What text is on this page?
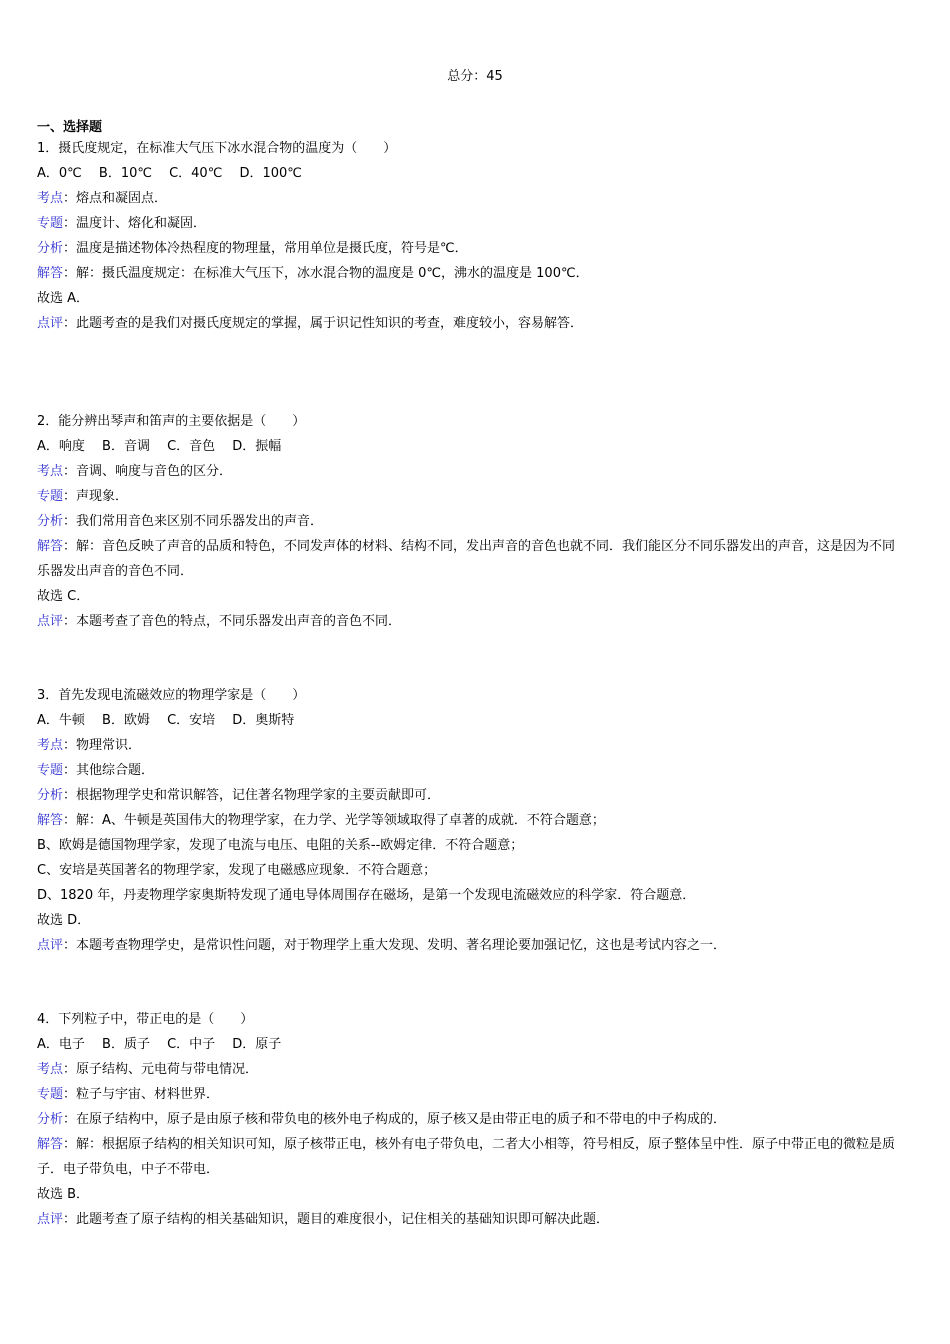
总分：45
一、选择题
1．摄氏度规定，在标准大气压下冰水混合物的温度为（　　）
A．0℃　 B．10℃　 C．40℃　 D．100℃
考点：熔点和凝固点．
专题：温度计、熔化和凝固．
分析：温度是描述物体冷热程度的物理量，常用单位是摄氏度，符号是℃．
解答：解：摄氏温度规定：在标准大气压下，冰水混合物的温度是 0℃，沸水的温度是 100℃．
故选 A．
点评：此题考查的是我们对摄氏度规定的掌握，属于识记性知识的考查，难度较小，容易解答．
2．能分辨出琴声和笛声的主要依据是（　　）
A．响度　 B．音调　 C．音色　 D．振幅
考点：音调、响度与音色的区分．
专题：声现象．
分析：我们常用音色来区别不同乐器发出的声音．
解答：解：音色反映了声音的品质和特色，不同发声体的材料、结构不同，发出声音的音色也就不同．我们能区分不同乐器发出的声音，这是因为不同乐器发出声音的音色不同．
故选 C．
点评：本题考查了音色的特点，不同乐器发出声音的音色不同．
3．首先发现电流磁效应的物理学家是（　　）
A．牛顿　 B．欧姆　 C．安培　 D．奥斯特
考点：物理常识．
专题：其他综合题．
分析：根据物理学史和常识解答，记住著名物理学家的主要贡献即可．
解答：解：A、牛顿是英国伟大的物理学家，在力学、光学等领域取得了卓著的成就．不符合题意；
B、欧姆是德国物理学家，发现了电流与电压、电阻的关系--欧姆定律．不符合题意；
C、安培是英国著名的物理学家，发现了电磁感应现象．不符合题意；
D、1820 年，丹麦物理学家奥斯特发现了通电导体周围存在磁场，是第一个发现电流磁效应的科学家．符合题意．
故选 D．
点评：本题考查物理学史，是常识性问题，对于物理学上重大发现、发明、著名理论要加强记忆，这也是考试内容之一．
4．下列粒子中，带正电的是（　　）
A．电子　 B．质子　 C．中子　 D．原子
考点：原子结构、元电荷与带电情况．
专题：粒子与宇宙、材料世界．
分析：在原子结构中，原子是由原子核和带负电的核外电子构成的，原子核又是由带正电的质子和不带电的中子构成的．
解答：解：根据原子结构的相关知识可知，原子核带正电，核外有电子带负电，二者大小相等，符号相反，原子整体呈中性．原子中带正电的微粒是质子．电子带负电，中子不带电．
故选 B．
点评：此题考查了原子结构的相关基础知识，题目的难度很小，记住相关的基础知识即可解决此题．
